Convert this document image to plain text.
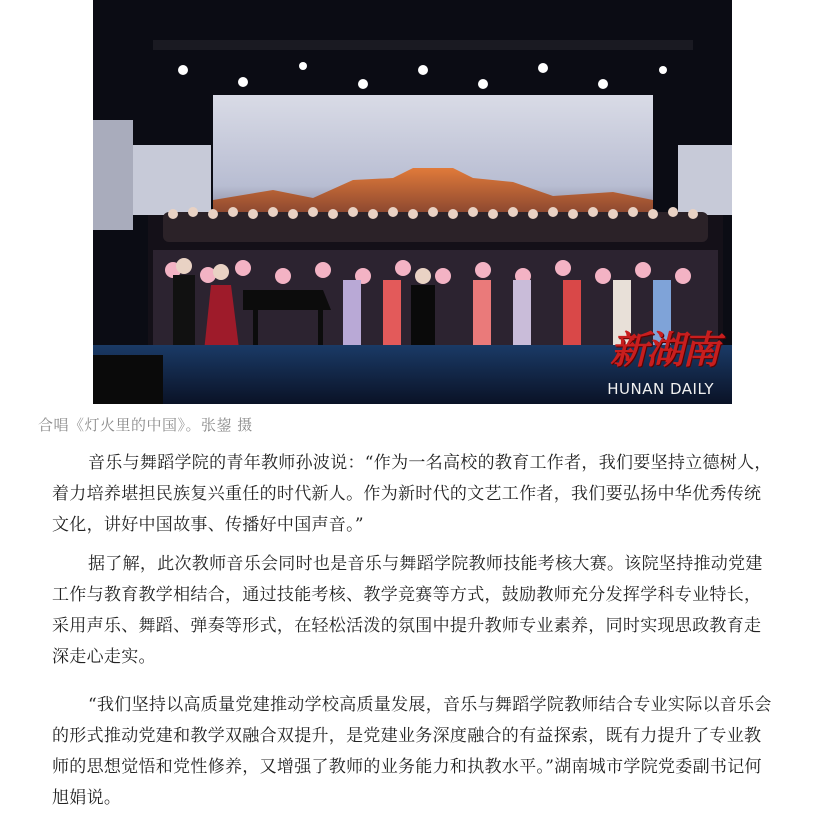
新湖南
HUNAN DAILY
合唱《灯火里的中国》。张鋆 摄

音乐与舞蹈学院的青年教师孙波说：“作为一名高校的教育工作者，我们要坚持立德树人，着力培养堪担民族复兴重任的时代新人。作为新时代的文艺工作者，我们要弘扬中华优秀传统文化，讲好中国故事、传播好中国声音。”

据了解，此次教师音乐会同时也是音乐与舞蹈学院教师技能考核大赛。该院坚持推动党建工作与教育教学相结合，通过技能考核、教学竞赛等方式，鼓励教师充分发挥学科专业特长，采用声乐、舞蹈、弹奏等形式，在轻松活泼的氛围中提升教师专业素养，同时实现思政教育走深走心走实。

“我们坚持以高质量党建推动学校高质量发展，音乐与舞蹈学院教师结合专业实际以音乐会的形式推动党建和教学双融合双提升，是党建业务深度融合的有益探索，既有力提升了专业教师的思想觉悟和党性修养，又增强了教师的业务能力和执教水平。”湖南城市学院党委副书记何旭娟说。
